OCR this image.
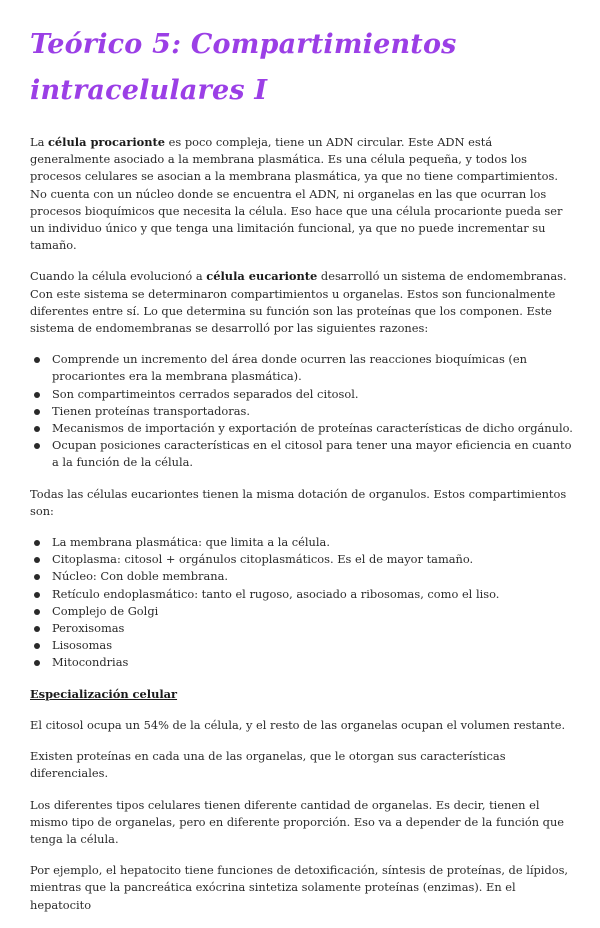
Teórico 5: Compartimientos intracelulares I

La célula procarionte es poco compleja, tiene un ADN circular. Este ADN está generalmente asociado a la membrana plasmática. Es una célula pequeña, y todos los procesos celulares se asocian a la membrana plasmática, ya que no tiene compartimientos. No cuenta con un núcleo donde se encuentra el ADN, ni organelas en las que ocurran los procesos bioquímicos que necesita la célula. Eso hace que una célula procarionte pueda ser un individuo único y que tenga una limitación funcional, ya que no puede incrementar su tamaño.

Cuando la célula evolucionó a célula eucarionte desarrolló un sistema de endomembranas. Con este sistema se determinaron compartimientos u organelas. Estos son funcionalmente diferentes entre sí. Lo que determina su función son las proteínas que los componen. Este sistema de endomembranas se desarrolló por las siguientes razones:

Comprende un incremento del área donde ocurren las reacciones bioquímicas (en procariontes era la membrana plasmática).
Son compartimeintos cerrados separados del citosol.
Tienen proteínas transportadoras.
Mecanismos de importación y exportación de proteínas características de dicho orgánulo.
Ocupan posiciones características en el citosol para tener una mayor eficiencia en cuanto a la función de la célula.

Todas las células eucariontes tienen la misma dotación de organulos. Estos compartimientos son:

La membrana plasmática: que limita a la célula.
Citoplasma: citosol + orgánulos citoplasmáticos. Es el de mayor tamaño.
Núcleo: Con doble membrana.
Retículo endoplasmático: tanto el rugoso, asociado a ribosomas, como el liso.
Complejo de Golgi
Peroxisomas
Lisosomas
Mitocondrias
Especialización celular

El citosol ocupa un 54% de la célula, y el resto de las organelas ocupan el volumen restante.

Existen proteínas en cada una de las organelas, que le otorgan sus características diferenciales.

Los diferentes tipos celulares tienen diferente cantidad de organelas. Es decir, tienen el mismo tipo de organelas, pero en diferente proporción. Eso va a depender de la función que tenga la célula.

Por ejemplo, el hepatocito tiene funciones de detoxificación, síntesis de proteínas, de lípidos, mientras que la pancreática exócrina sintetiza solamente proteínas (enzimas). En el hepatocito
